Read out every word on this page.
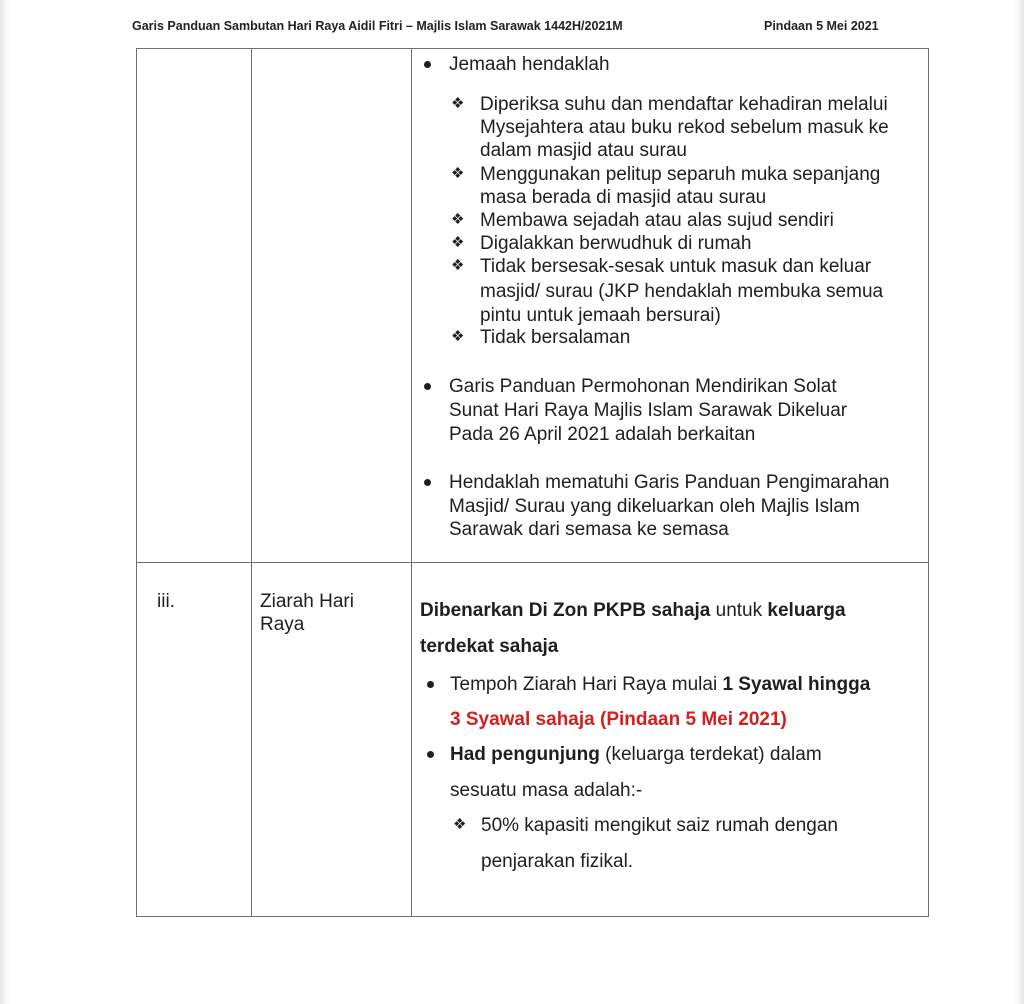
Garis Panduan Sambutan Hari Raya Aidil Fitri – Majlis Islam Sarawak 1442H/2021M	Pindaan 5 Mei 2021
Jemaah hendaklah
❖ Diperiksa suhu dan mendaftar kehadiran melalui
Mysejahtera atau buku rekod sebelum masuk ke
dalam masjid atau surau
❖ Menggunakan pelitup separuh muka sepanjang
masa berada di masjid atau surau
❖ Membawa sejadah atau alas sujud sendiri
❖ Digalakkan berwudhuk di rumah
❖ Tidak bersesak-sesak untuk masuk dan keluar
masjid/ surau (JKP hendaklah membuka semua
pintu untuk jemaah bersurai)
❖ Tidak bersalaman
Garis Panduan Permohonan Mendirikan Solat
Sunat Hari Raya Majlis Islam Sarawak Dikeluar
Pada 26 April 2021 adalah berkaitan
Hendaklah mematuhi Garis Panduan Pengimarahan
Masjid/ Surau yang dikeluarkan oleh Majlis Islam
Sarawak dari semasa ke semasa
iii.	Ziarah Hari
Raya
Dibenarkan Di Zon PKPB sahaja untuk keluarga
terdekat sahaja
Tempoh Ziarah Hari Raya mulai 1 Syawal hingga
3 Syawal sahaja (Pindaan 5 Mei 2021)
Had pengunjung (keluarga terdekat) dalam
sesuatu masa adalah:-
❖ 50% kapasiti mengikut saiz rumah dengan
penjarakan fizikal.
